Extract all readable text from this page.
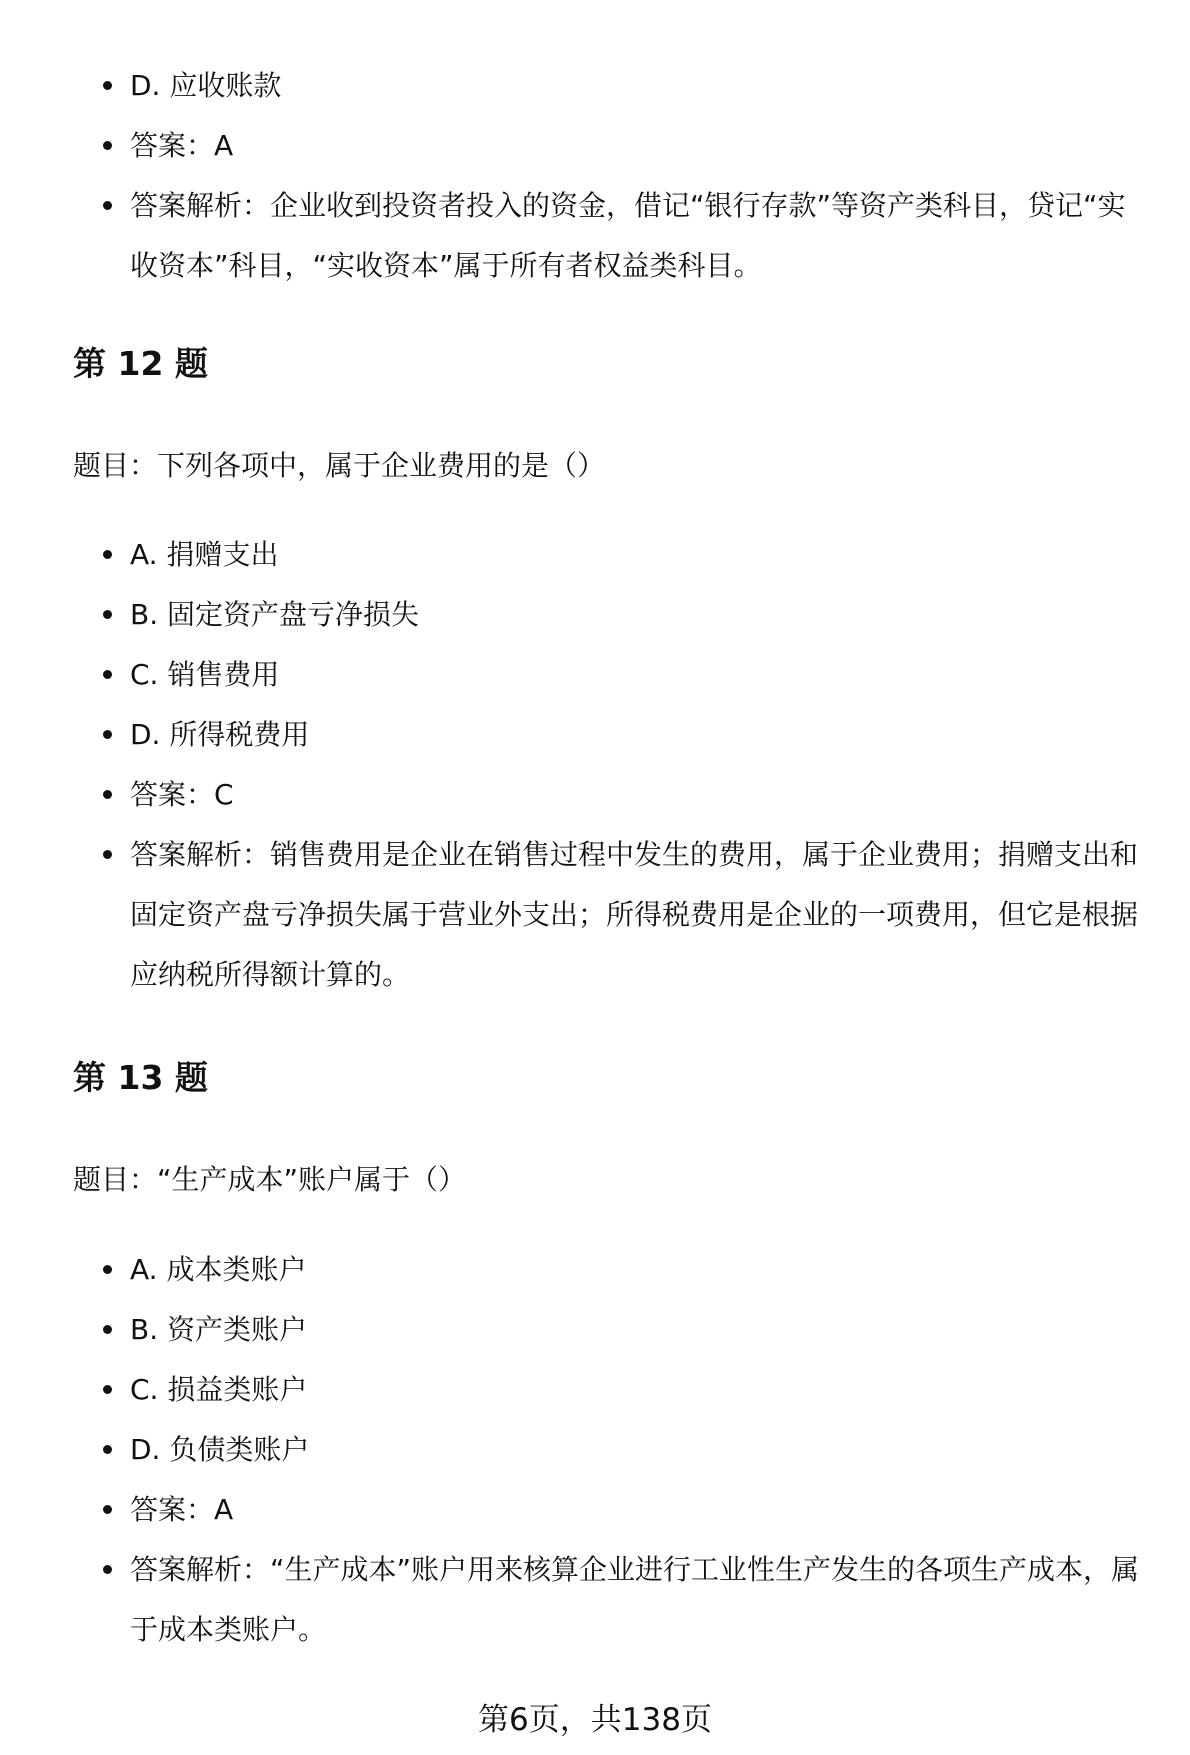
D. 应收账款
答案：A
答案解析：企业收到投资者投入的资金，借记“银行存款”等资产类科目，贷记“实收资本”科目，“实收资本”属于所有者权益类科目。
第 12 题
题目：下列各项中，属于企业费用的是（）
A. 捐赠支出
B. 固定资产盘亏净损失
C. 销售费用
D. 所得税费用
答案：C
答案解析：销售费用是企业在销售过程中发生的费用，属于企业费用；捐赠支出和固定资产盘亏净损失属于营业外支出；所得税费用是企业的一项费用，但它是根据应纳税所得额计算的。
第 13 题
题目：“生产成本”账户属于（）
A. 成本类账户
B. 资产类账户
C. 损益类账户
D. 负债类账户
答案：A
答案解析：“生产成本”账户用来核算企业进行工业性生产发生的各项生产成本，属于成本类账户。
第6页，共138页
